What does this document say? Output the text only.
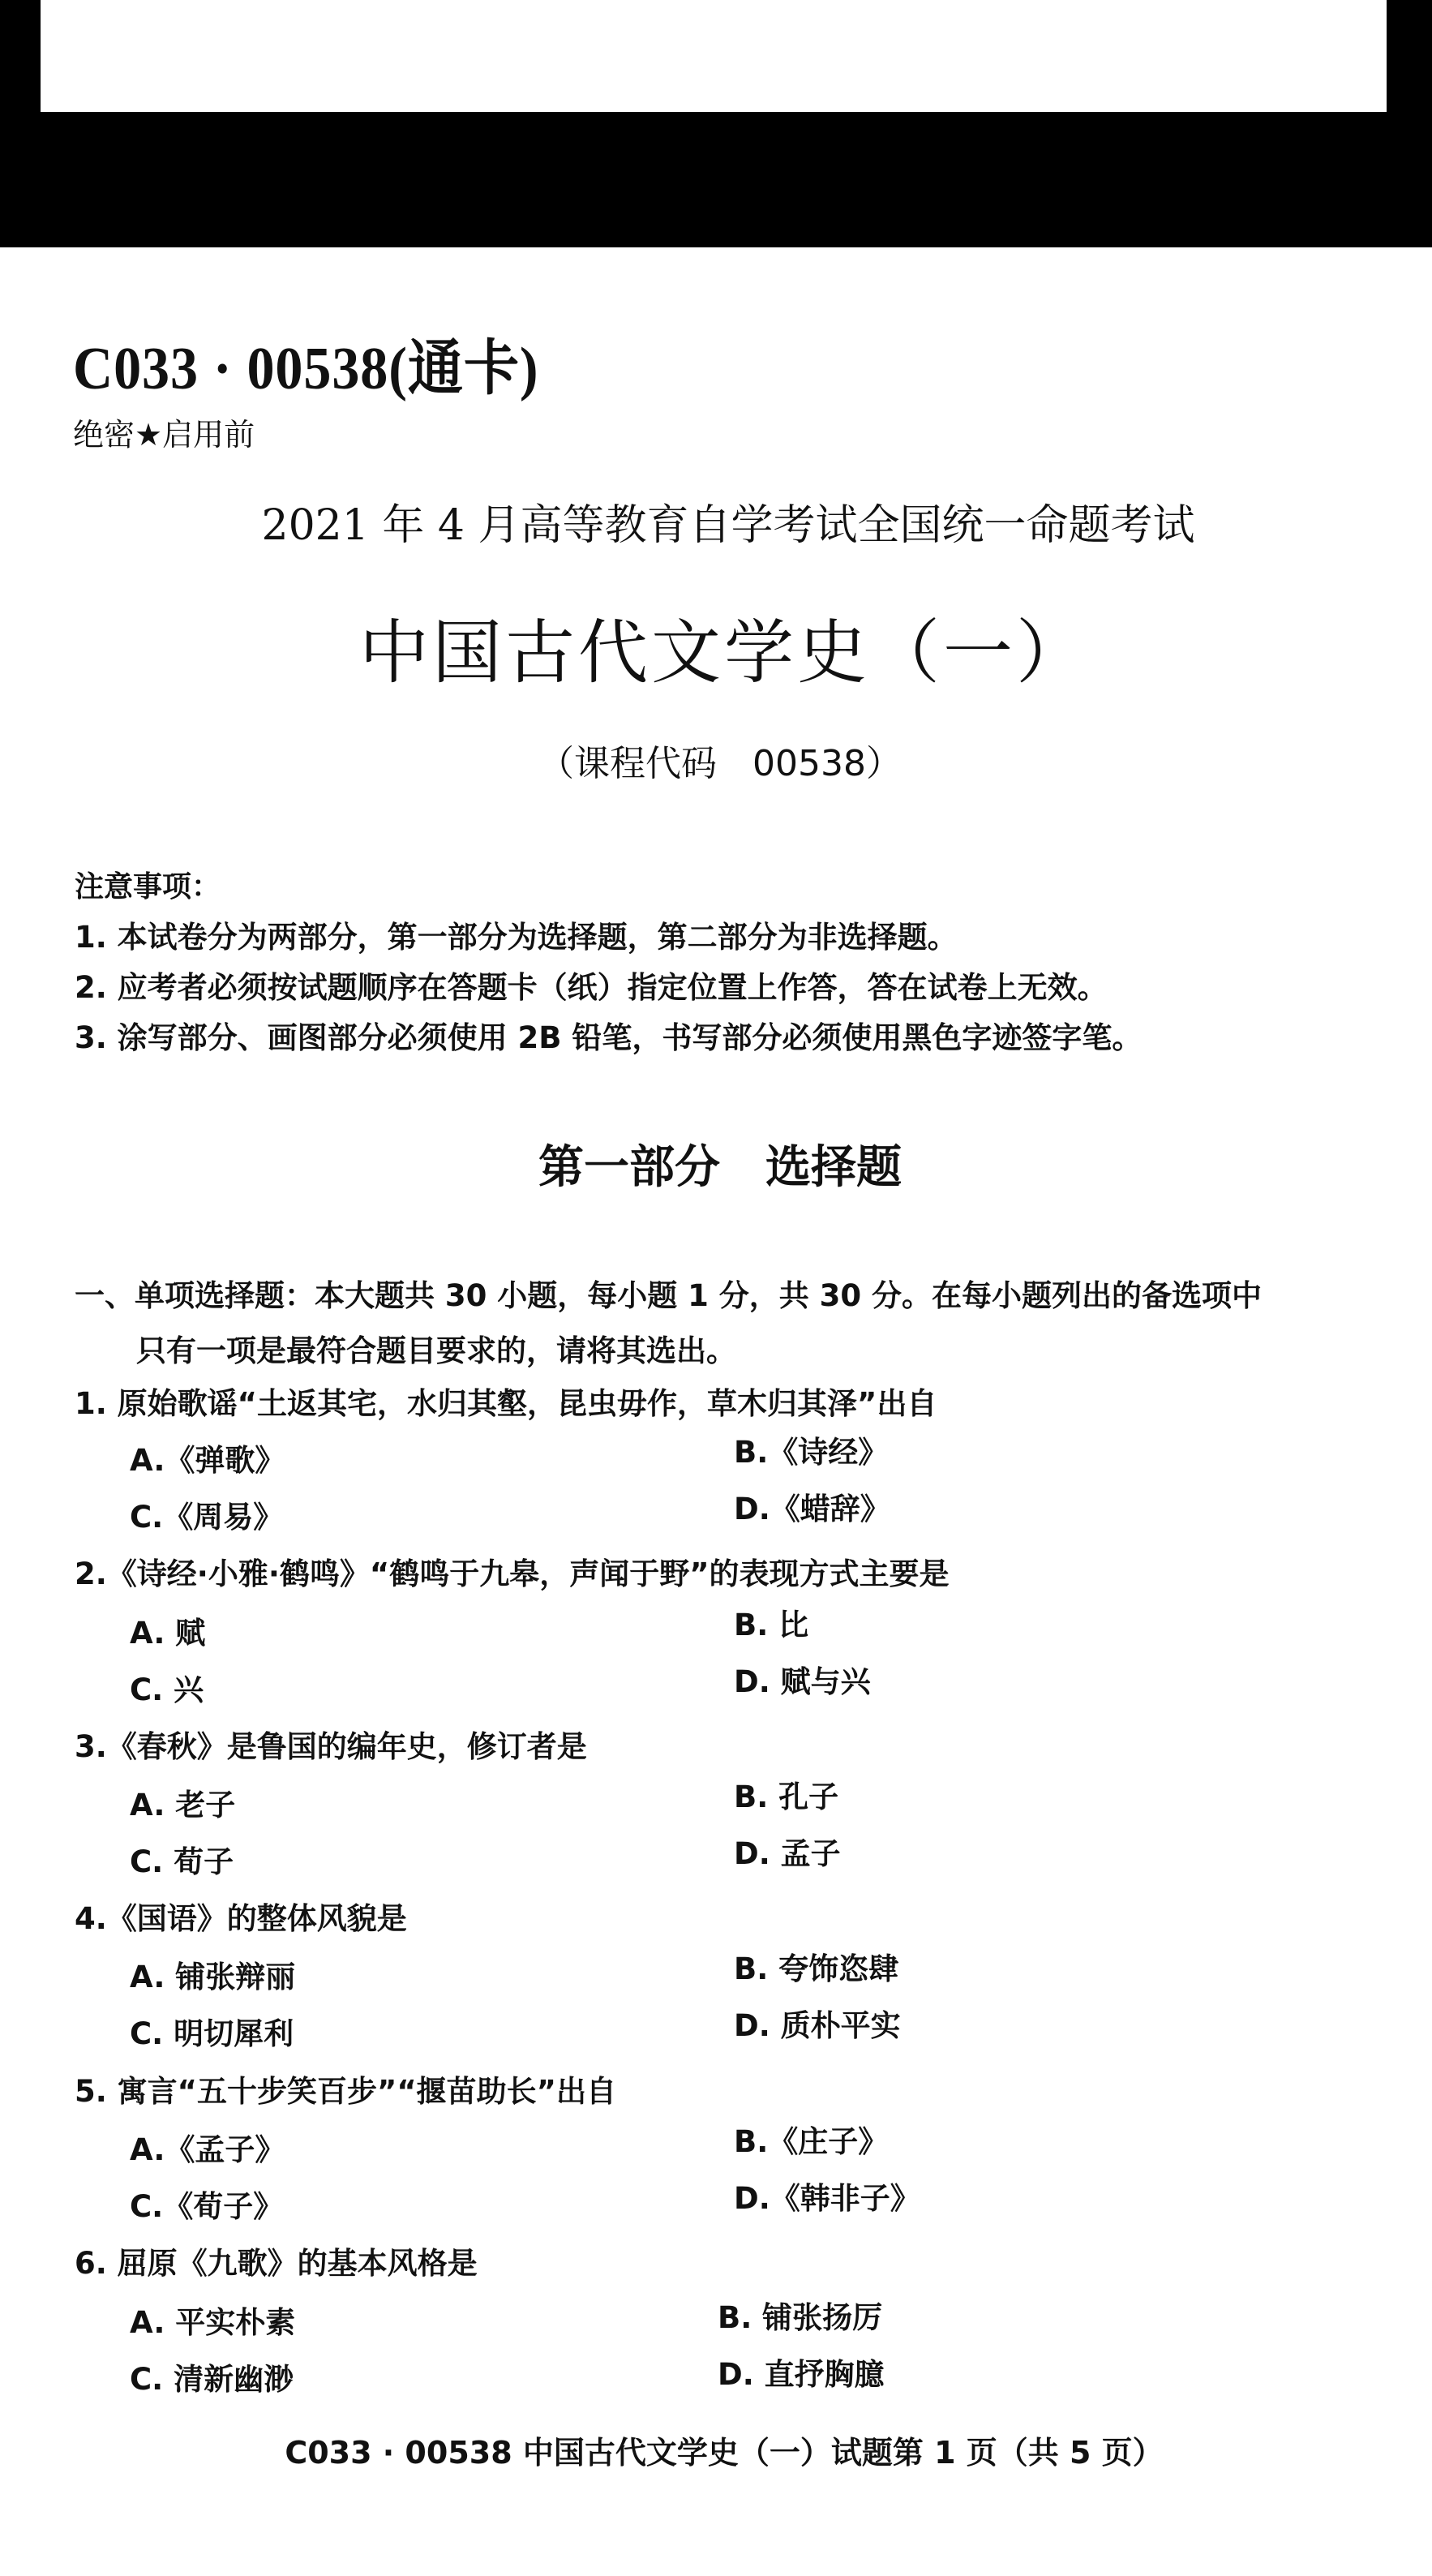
C033 · 00538(通卡)
绝密★启用前
2021 年 4 月高等教育自学考试全国统一命题考试
中国古代文学史（一）
（课程代码　00538）
注意事项：
1. 本试卷分为两部分，第一部分为选择题，第二部分为非选择题。
2. 应考者必须按试题顺序在答题卡（纸）指定位置上作答，答在试卷上无效。
3. 涂写部分、画图部分必须使用 2B 铅笔，书写部分必须使用黑色字迹签字笔。
第一部分　选择题
一、单项选择题：本大题共 30 小题，每小题 1 分，共 30 分。在每小题列出的备选项中
只有一项是最符合题目要求的，请将其选出。
1. 原始歌谣“土返其宅，水归其壑，昆虫毋作，草木归其泽”出自
A.《弹歌》	B.《诗经》
C.《周易》	D.《蜡辞》
2.《诗经·小雅·鹤鸣》“鹤鸣于九皋，声闻于野”的表现方式主要是
A. 赋	B. 比
C. 兴	D. 赋与兴
3.《春秋》是鲁国的编年史，修订者是
A. 老子	B. 孔子
C. 荀子	D. 孟子
4.《国语》的整体风貌是
A. 铺张辩丽	B. 夸饰恣肆
C. 明切犀利	D. 质朴平实
5. 寓言“五十步笑百步”“揠苗助长”出自
A.《孟子》	B.《庄子》
C.《荀子》	D.《韩非子》
6. 屈原《九歌》的基本风格是
A. 平实朴素	B. 铺张扬厉
C. 清新幽渺	D. 直抒胸臆
C033 · 00538 中国古代文学史（一）试题第 1 页（共 5 页）
